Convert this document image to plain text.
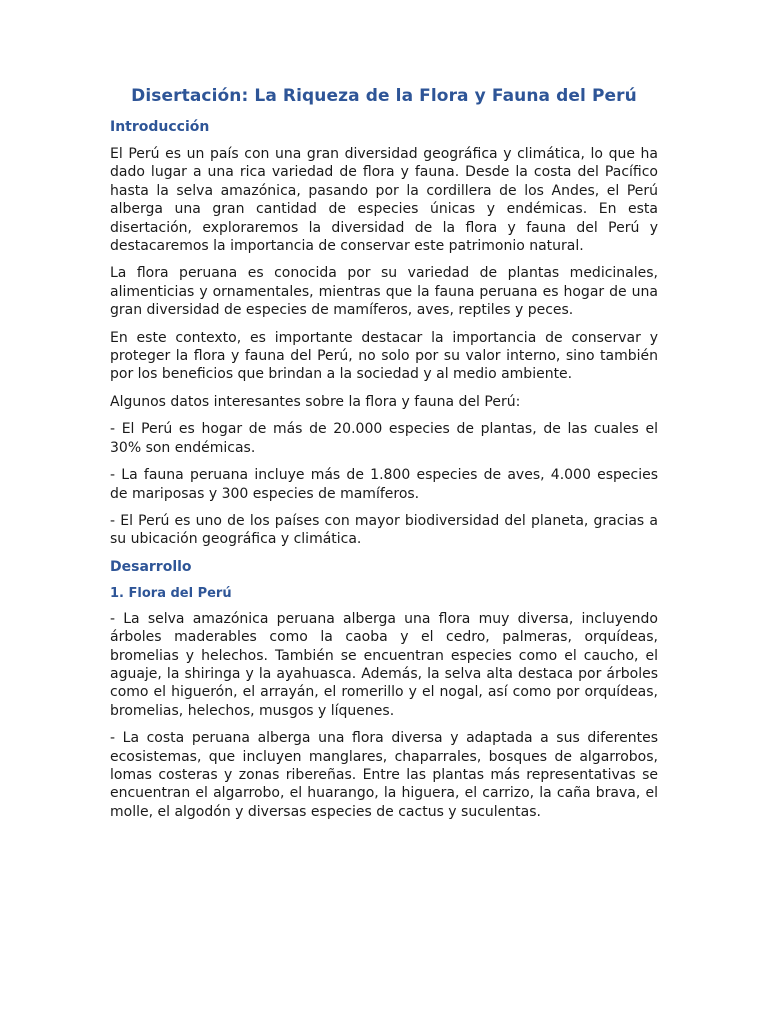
Disertación: La Riqueza de la Flora y Fauna del Perú
Introducción

El Perú es un país con una gran diversidad geográfica y climática, lo que ha dado lugar a una rica variedad de flora y fauna. Desde la costa del Pacífico hasta la selva amazónica, pasando por la cordillera de los Andes, el Perú alberga una gran cantidad de especies únicas y endémicas. En esta disertación, exploraremos la diversidad de la flora y fauna del Perú y destacaremos la importancia de conservar este patrimonio natural.

La flora peruana es conocida por su variedad de plantas medicinales, alimenticias y ornamentales, mientras que la fauna peruana es hogar de una gran diversidad de especies de mamíferos, aves, reptiles y peces.

En este contexto, es importante destacar la importancia de conservar y proteger la flora y fauna del Perú, no solo por su valor interno, sino también por los beneficios que brindan a la sociedad y al medio ambiente.

Algunos datos interesantes sobre la flora y fauna del Perú:

- El Perú es hogar de más de 20.000 especies de plantas, de las cuales el 30% son endémicas.

- La fauna peruana incluye más de 1.800 especies de aves, 4.000 especies de mariposas y 300 especies de mamíferos.

- El Perú es uno de los países con mayor biodiversidad del planeta, gracias a su ubicación geográfica y climática.

Desarrollo
1. Flora del Perú

- La selva amazónica peruana alberga una flora muy diversa, incluyendo árboles maderables como la caoba y el cedro, palmeras, orquídeas, bromelias y helechos. También se encuentran especies como el caucho, el aguaje, la shiringa y la ayahuasca. Además, la selva alta destaca por árboles como el higuerón, el arrayán, el romerillo y el nogal, así como por orquídeas, bromelias, helechos, musgos y líquenes.

- La costa peruana alberga una flora diversa y adaptada a sus diferentes ecosistemas, que incluyen manglares, chaparrales, bosques de algarrobos, lomas costeras y zonas ribereñas. Entre las plantas más representativas se encuentran el algarrobo, el huarango, la higuera, el carrizo, la caña brava, el molle, el algodón y diversas especies de cactus y suculentas.
